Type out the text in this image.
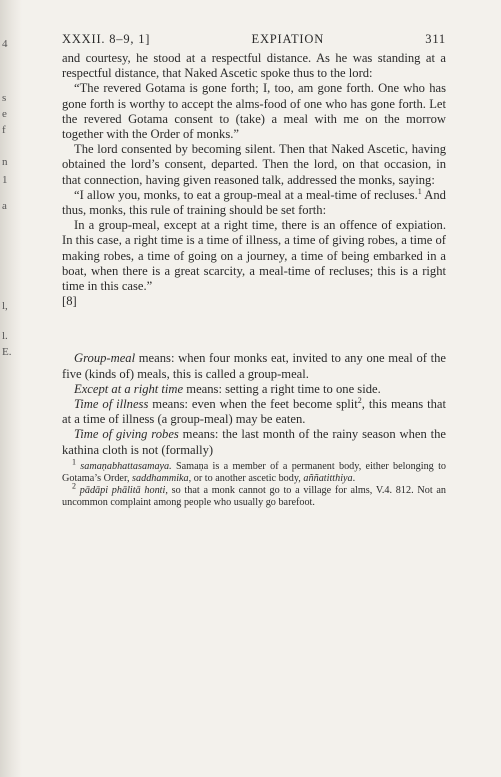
4
s
e
f
n
1
a
l,
l.
E.
XXXII. 8–9, 1]	EXPIATION	311

and courtesy, he stood at a respectful distance. As he was standing at a respectful distance, that Naked Ascetic spoke thus to the lord:

“The revered Gotama is gone forth; I, too, am gone forth. One who has gone forth is worthy to accept the alms-food of one who has gone forth. Let the revered Gotama consent to (take) a meal with me on the morrow together with the Order of monks.”

The lord consented by becoming silent. Then that Naked Ascetic, having obtained the lord’s consent, departed. Then the lord, on that occasion, in that connection, having given reasoned talk, addressed the monks, saying:

“I allow you, monks, to eat a group-meal at a meal-time of recluses.$^1$ And thus, monks, this rule of training should be set forth:

In a group-meal, except at a right time, there is an offence of expiation. In this case, a right time is a time of illness, a time of giving robes, a time of making robes, a time of going on a journey, a time of being embarked in a boat, when there is a great scarcity, a meal-time of recluses; this is a right time in this case.”

[8]

Group-meal means: when four monks eat, invited to any one meal of the five (kinds of) meals, this is called a group-meal.

Except at a right time means: setting a right time to one side.

Time of illness means: even when the feet become split$^2$, this means that at a time of illness (a group-meal) may be eaten.

Time of giving robes means: the last month of the rainy season when the kathina cloth is not (formally)

$^1$ samaṇabhattasamaya. Samaṇa is a member of a permanent body, either belonging to Gotama’s Order, saddhammika, or to another ascetic body, aññatitthiya.

$^2$ pādāpi phālitā honti, so that a monk cannot go to a village for alms, V.4. 812. Not an uncommon complaint among people who usually go barefoot.
